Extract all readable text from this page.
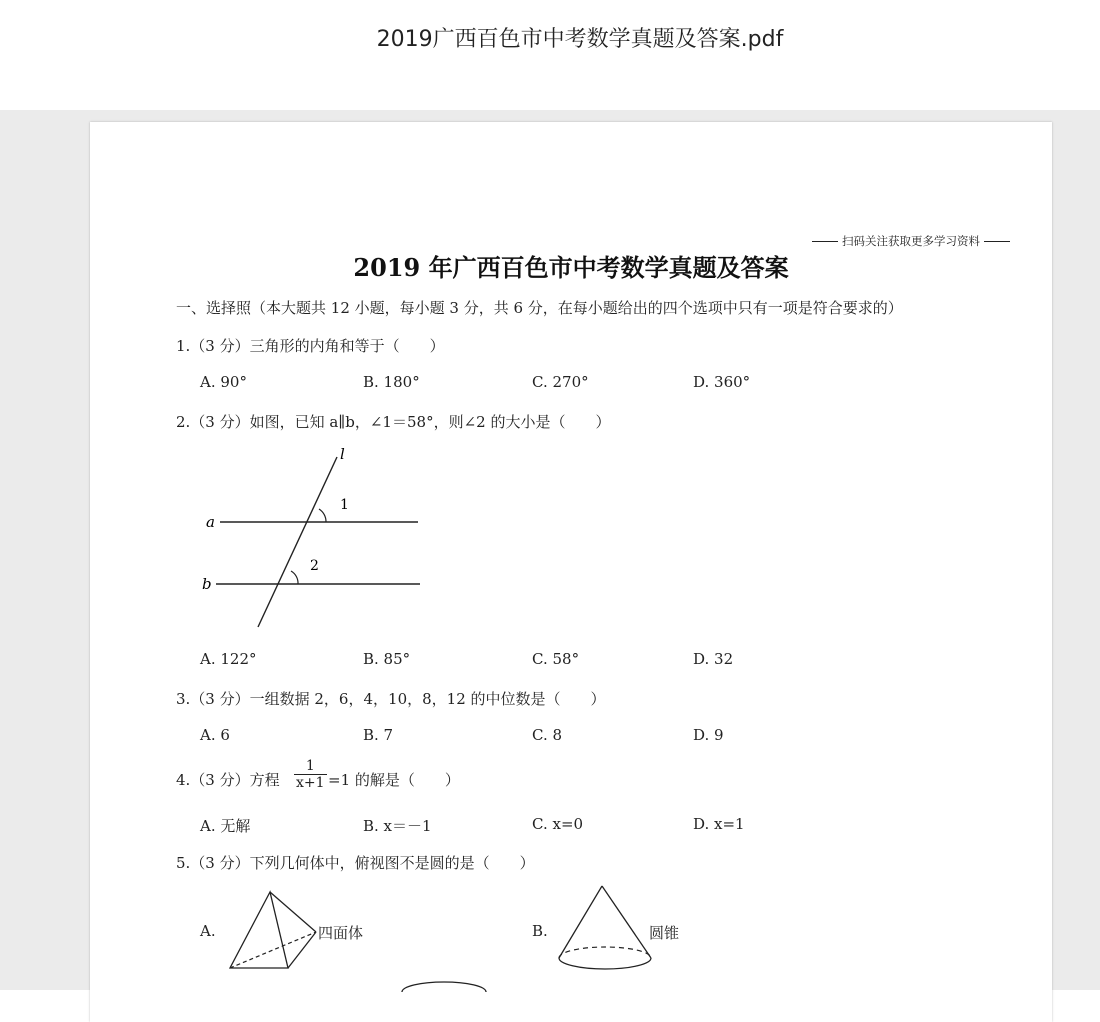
2019广西百色市中考数学真题及答案.pdf
扫码关注获取更多学习资料
2019 年广西百色市中考数学真题及答案
一、选择照（本大题共 12 小题，每小题 3 分，共 6 分，在每小题给出的四个选项中只有一项是符合要求的）
1.（3 分）三角形的内角和等于（　　）
A. 90°	B. 180°	C. 270°	D. 360°
2.（3 分）如图，已知 a∥b，∠1＝58°，则∠2 的大小是（　　）
l
a
b
1
2
A. 122°	B. 85°	C. 58°	D. 32
3.（3 分）一组数据 2，6，4，10，8，12 的中位数是（　　）
A. 6	B. 7	C. 8	D. 9
4.（3 分）方程
1
x+1 =1 的解是（　　）
A. 无解	B. x＝－1	C. x=0	D. x=1
5.（3 分）下列几何体中，俯视图不是圆的是（　　）
A.	四面体	B.	圆锥
